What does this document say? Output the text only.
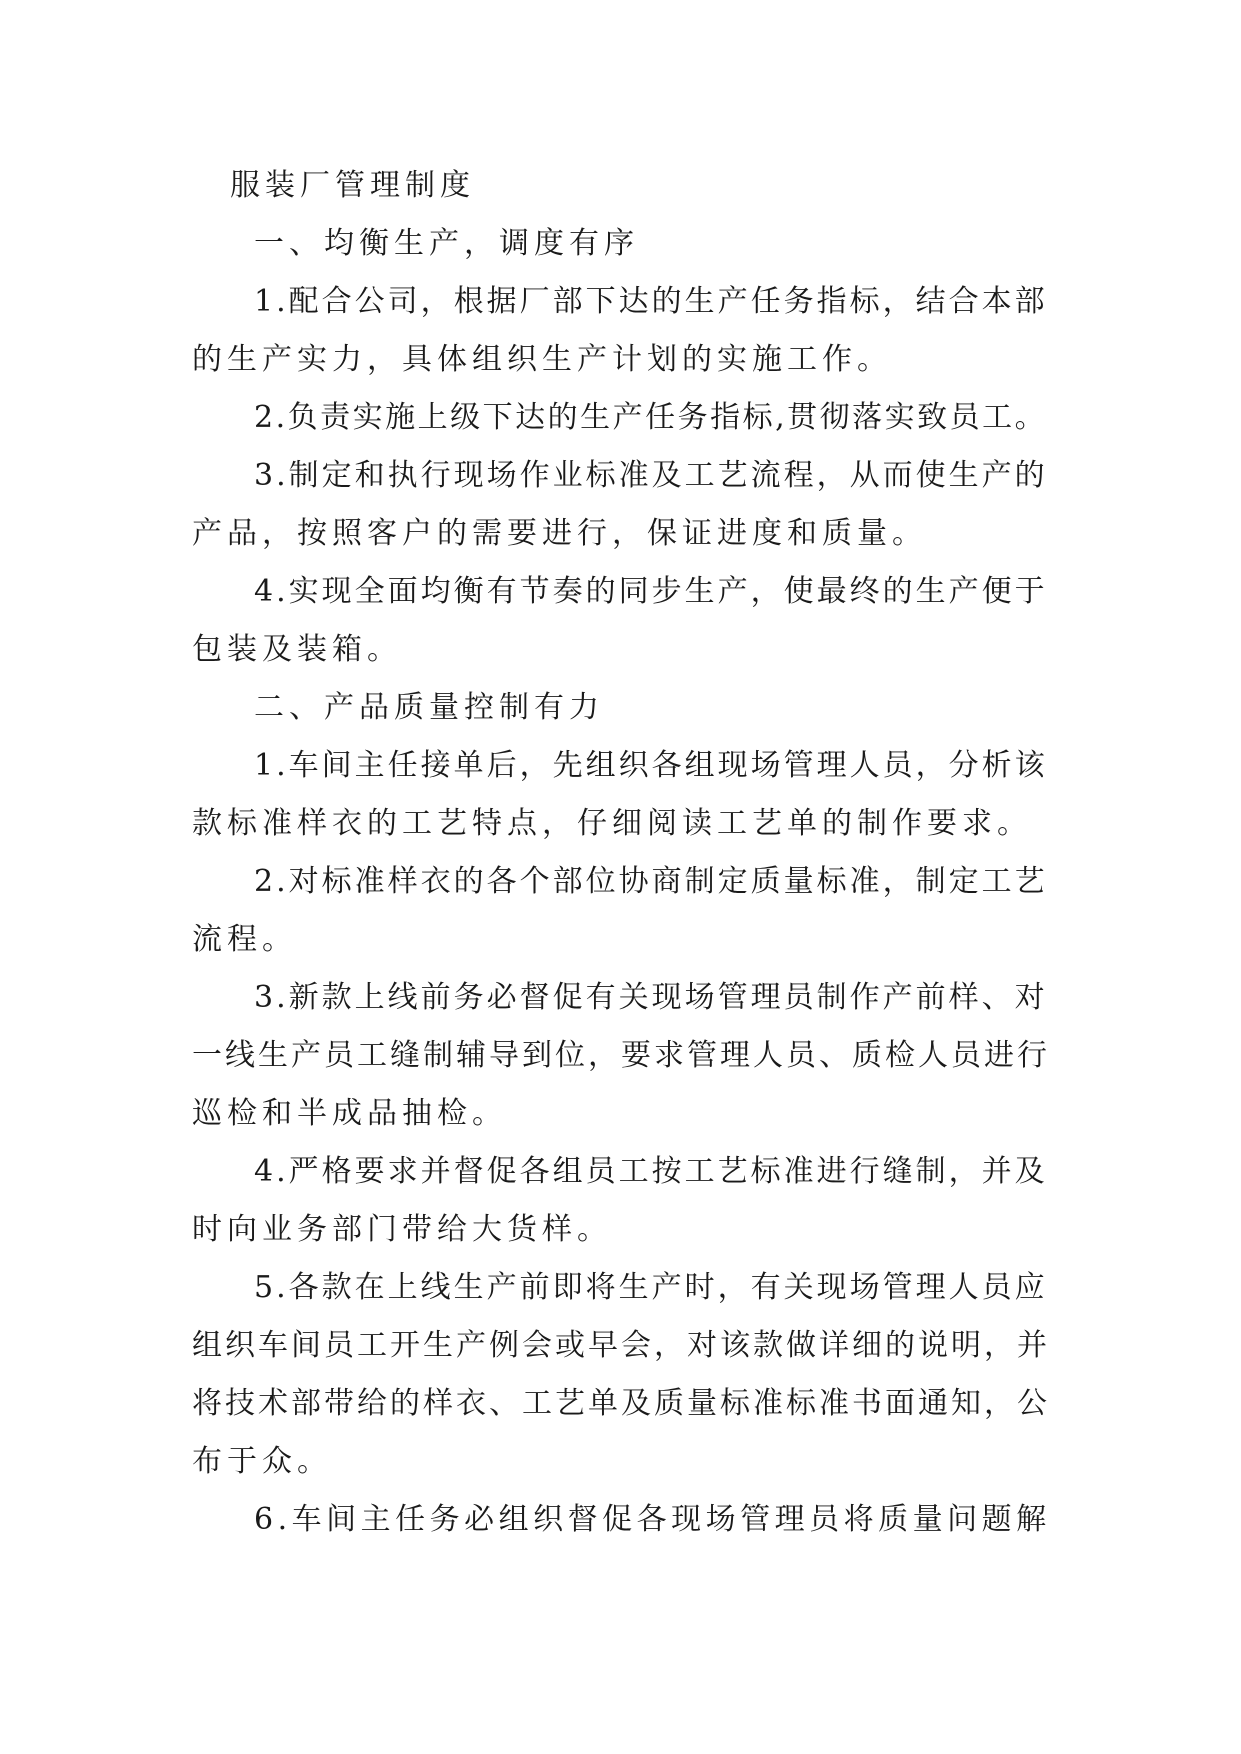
服装厂管理制度
一、均衡生产，调度有序
1.配合公司，根据厂部下达的生产任务指标，结合本部
的生产实力，具体组织生产计划的实施工作。
2.负责实施上级下达的生产任务指标,贯彻落实致员工。
3.制定和执行现场作业标准及工艺流程，从而使生产的
产品，按照客户的需要进行，保证进度和质量。
4.实现全面均衡有节奏的同步生产，使最终的生产便于
包装及装箱。
二、产品质量控制有力
1.车间主任接单后，先组织各组现场管理人员，分析该
款标准样衣的工艺特点，仔细阅读工艺单的制作要求。
2.对标准样衣的各个部位协商制定质量标准，制定工艺
流程。
3.新款上线前务必督促有关现场管理员制作产前样、对
一线生产员工缝制辅导到位，要求管理人员、质检人员进行
巡检和半成品抽检。
4.严格要求并督促各组员工按工艺标准进行缝制，并及
时向业务部门带给大货样。
5.各款在上线生产前即将生产时，有关现场管理人员应
组织车间员工开生产例会或早会，对该款做详细的说明，并
将技术部带给的样衣、工艺单及质量标准标准书面通知，公
布于众。
6.车间主任务必组织督促各现场管理员将质量问题解
